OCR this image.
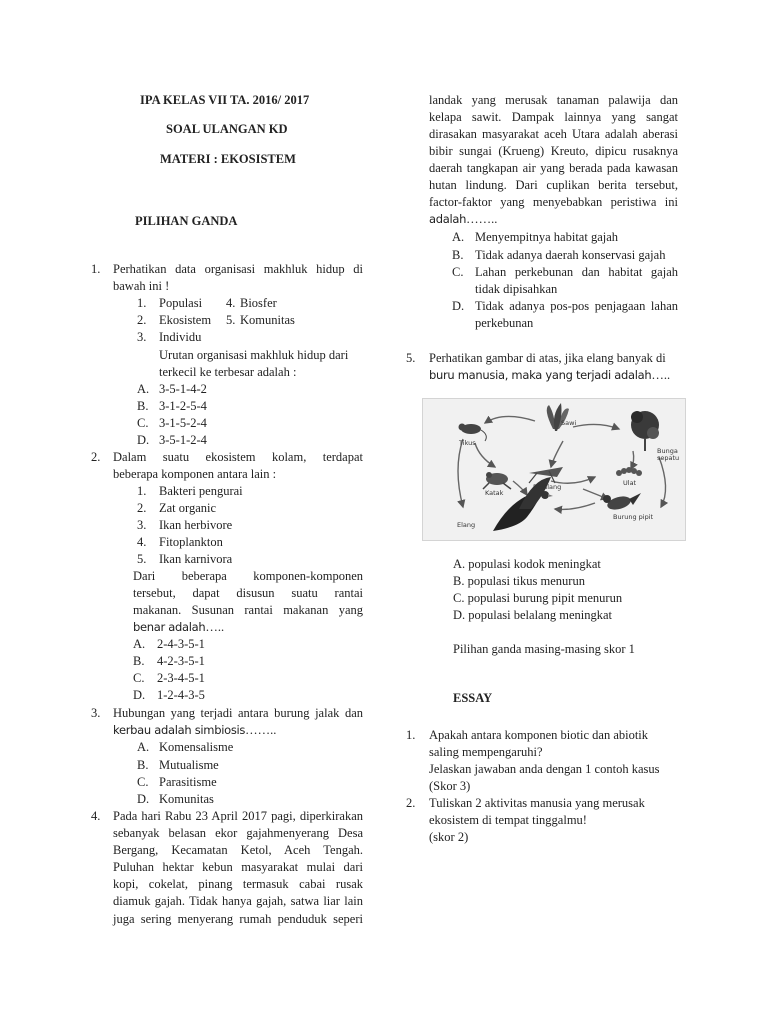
IPA KELAS VII TA. 2016/ 2017
SOAL ULANGAN KD
MATERI : EKOSISTEM
PILIHAN GANDA
1. Perhatikan data organisasi makhluk hidup di
bawah ini !
1. Populasi 4. Biosfer
2. Ekosistem 5. Komunitas
3. Individu
Urutan organisasi makhluk hidup dari
terkecil ke terbesar adalah :
A. 3-5-1-4-2
B. 3-1-2-5-4
C. 3-1-5-2-4
D. 3-5-1-2-4
2. Dalam suatu ekosistem kolam, terdapat
beberapa komponen antara lain :
1. Bakteri pengurai
2. Zat organic
3. Ikan herbivore
4. Fitoplankton
5. Ikan karnivora
Dari beberapa komponen-komponen
tersebut, dapat disusun suatu rantai
makanan. Susunan rantai makanan yang
benar adalah…..
A. 2-4-3-5-1
B. 4-2-3-5-1
C. 2-3-4-5-1
D. 1-2-4-3-5
3. Hubungan yang terjadi antara burung jalak dan
kerbau adalah simbiosis……..
A. Komensalisme
B. Mutualisme
C. Parasitisme
D. Komunitas
4. Pada hari Rabu 23 April 2017 pagi, diperkirakan
sebanyak belasan ekor gajahmenyerang Desa
Bergang, Kecamatan Ketol, Aceh Tengah.
Puluhan hektar kebun masyarakat mulai dari
kopi, cokelat, pinang termasuk cabai rusak
diamuk gajah. Tidak hanya gajah, satwa liar lain
juga sering menyerang rumah penduduk seperi
landak yang merusak tanaman palawija dan
kelapa sawit. Dampak lainnya yang sangat
dirasakan masyarakat aceh Utara adalah aberasi
bibir sungai (Krueng) Kreuto, dipicu rusaknya
daerah tangkapan air yang berada pada kawasan
hutan lindung. Dari cuplikan berita tersebut,
factor-faktor yang menyebabkan peristiwa ini
adalah……..
A. Menyempitnya habitat gajah
B. Tidak adanya daerah konservasi gajah
C. Lahan perkebunan dan habitat gajah
tidak dipisahkan
D. Tidak adanya pos-pos penjagaan lahan
perkebunan
5. Perhatikan gambar di atas, jika elang banyak di
buru manusia, maka yang terjadi adalah…..
Tikus
Sawi
Bunga
sepatu
Katak
Belalang	Ulat
Elang
Burung pipit
A. populasi kodok meningkat
B. populasi tikus menurun
C. populasi burung pipit menurun
D. populasi belalang meningkat
Pilihan ganda masing-masing skor 1
ESSAY
1. Apakah antara komponen biotic dan abiotik
saling mempengaruhi?
Jelaskan jawaban anda dengan 1 contoh kasus
(Skor 3)
2. Tuliskan 2 aktivitas manusia yang merusak
ekosistem di tempat tinggalmu!
(skor 2)
